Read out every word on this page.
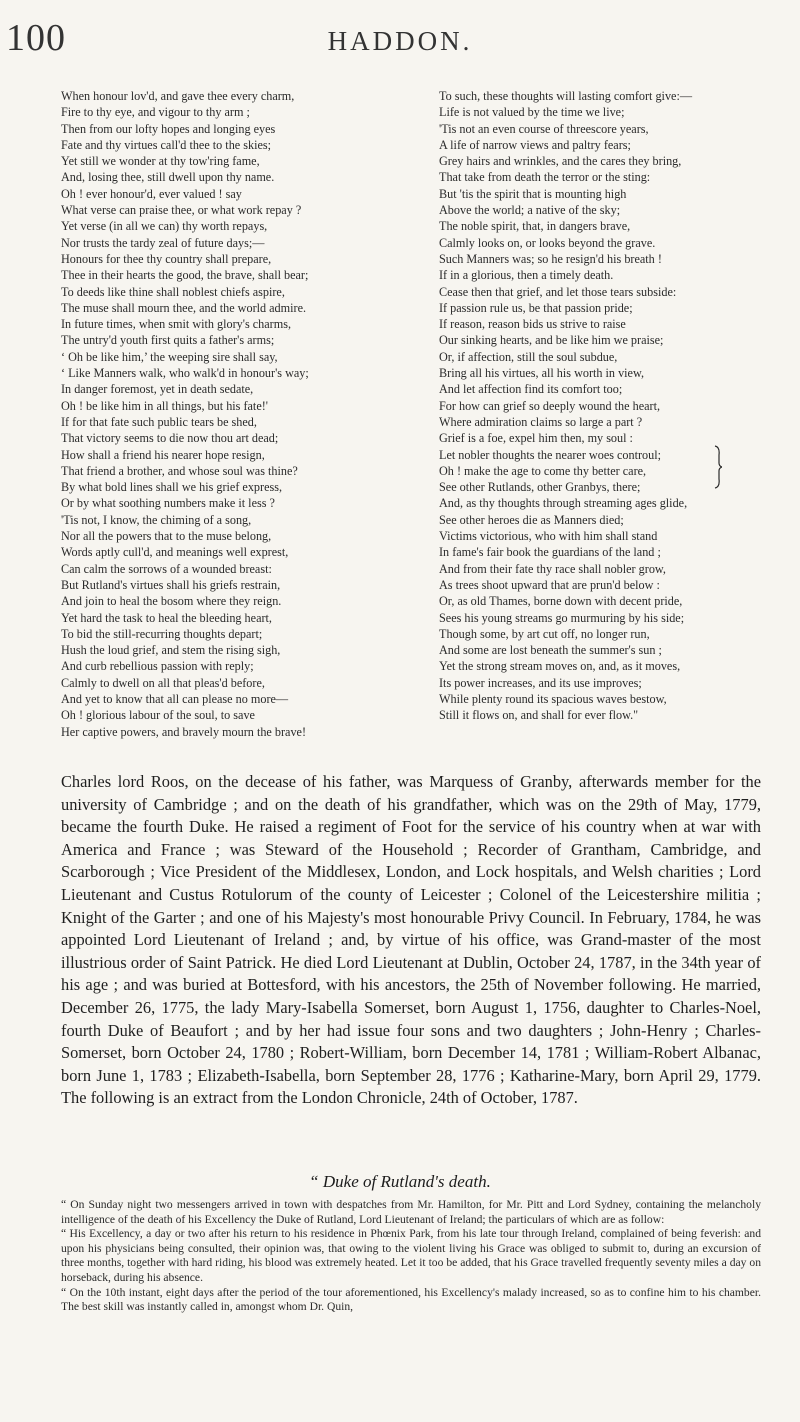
100	HADDON.
When honour lov'd, and gave thee every charm,
Fire to thy eye, and vigour to thy arm ;
Then from our lofty hopes and longing eyes
Fate and thy virtues call'd thee to the skies;
Yet still we wonder at thy tow'ring fame,
And, losing thee, still dwell upon thy name.
Oh ! ever honour'd, ever valued ! say
What verse can praise thee, or what work repay ?
Yet verse (in all we can) thy worth repays,
Nor trusts the tardy zeal of future days;—
Honours for thee thy country shall prepare,
Thee in their hearts the good, the brave, shall bear;
To deeds like thine shall noblest chiefs aspire,
The muse shall mourn thee, and the world admire.
In future times, when smit with glory's charms,
The untry'd youth first quits a father's arms;
‘ Oh be like him,’ the weeping sire shall say,
‘ Like Manners walk, who walk'd in honour's way;
In danger foremost, yet in death sedate,
Oh ! be like him in all things, but his fate!'
If for that fate such public tears be shed,
That victory seems to die now thou art dead;
How shall a friend his nearer hope resign,
That friend a brother, and whose soul was thine?
By what bold lines shall we his grief express,
Or by what soothing numbers make it less ?
'Tis not, I know, the chiming of a song,
Nor all the powers that to the muse belong,
Words aptly cull'd, and meanings well exprest,
Can calm the sorrows of a wounded breast:
But Rutland's virtues shall his griefs restrain,
And join to heal the bosom where they reign.
Yet hard the task to heal the bleeding heart,
To bid the still-recurring thoughts depart;
Hush the loud grief, and stem the rising sigh,
And curb rebellious passion with reply;
Calmly to dwell on all that pleas'd before,
And yet to know that all can please no more—
Oh ! glorious labour of the soul, to save
Her captive powers, and bravely mourn the brave!
To such, these thoughts will lasting comfort give:—
Life is not valued by the time we live;
'Tis not an even course of threescore years,
A life of narrow views and paltry fears;
Grey hairs and wrinkles, and the cares they bring,
That take from death the terror or the sting:
But 'tis the spirit that is mounting high
Above the world; a native of the sky;
The noble spirit, that, in dangers brave,
Calmly looks on, or looks beyond the grave.
Such Manners was; so he resign'd his breath !
If in a glorious, then a timely death.
Cease then that grief, and let those tears subside:
If passion rule us, be that passion pride;
If reason, reason bids us strive to raise
Our sinking hearts, and be like him we praise;
Or, if affection, still the soul subdue,
Bring all his virtues, all his worth in view,
And let affection find its comfort too;
For how can grief so deeply wound the heart,
Where admiration claims so large a part ?
Grief is a foe, expel him then, my soul :
Let nobler thoughts the nearer woes controul;
Oh ! make the age to come thy better care,
See other Rutlands, other Granbys, there;
And, as thy thoughts through streaming ages glide,
See other heroes die as Manners died;
Victims victorious, who with him shall stand
In fame's fair book the guardians of the land ;
And from their fate thy race shall nobler grow,
As trees shoot upward that are prun'd below :
Or, as old Thames, borne down with decent pride,
Sees his young streams go murmuring by his side;
Though some, by art cut off, no longer run,
And some are lost beneath the summer's sun ;
Yet the strong stream moves on, and, as it moves,
Its power increases, and its use improves;
While plenty round its spacious waves bestow,
Still it flows on, and shall for ever flow."

Charles lord Roos, on the decease of his father, was Marquess of Granby, afterwards member for the university of Cambridge ; and on the death of his grandfather, which was on the 29th of May, 1779, became the fourth Duke. He raised a regiment of Foot for the service of his country when at war with America and France ; was Steward of the Household ; Recorder of Grantham, Cambridge, and Scarborough ; Vice President of the Middlesex, London, and Lock hospitals, and Welsh charities ; Lord Lieutenant and Custus Rotulorum of the county of Leicester ; Colonel of the Leicestershire militia ; Knight of the Garter ; and one of his Majesty's most honourable Privy Council. In February, 1784, he was appointed Lord Lieutenant of Ireland ; and, by virtue of his office, was Grand-master of the most illustrious order of Saint Patrick. He died Lord Lieutenant at Dublin, October 24, 1787, in the 34th year of his age ; and was buried at Bottesford, with his ancestors, the 25th of November following. He married, December 26, 1775, the lady Mary-Isabella Somerset, born August 1, 1756, daughter to Charles-Noel, fourth Duke of Beaufort ; and by her had issue four sons and two daughters ; John-Henry ; Charles-Somerset, born October 24, 1780 ; Robert-William, born December 14, 1781 ; William-Robert Albanac, born June 1, 1783 ; Elizabeth-Isabella, born September 28, 1776 ; Katharine-Mary, born April 29, 1779. The following is an extract from the London Chronicle, 24th of October, 1787.

“ Duke of Rutland's death.

“ On Sunday night two messengers arrived in town with despatches from Mr. Hamilton, for Mr. Pitt and Lord Sydney, containing the melancholy intelligence of the death of his Excellency the Duke of Rutland, Lord Lieutenant of Ireland; the particulars of which are as follow:

“ His Excellency, a day or two after his return to his residence in Phœnix Park, from his late tour through Ireland, complained of being feverish: and upon his physicians being consulted, their opinion was, that owing to the violent living his Grace was obliged to submit to, during an excursion of three months, together with hard riding, his blood was extremely heated. Let it too be added, that his Grace travelled frequently seventy miles a day on horseback, during his absence.

“ On the 10th instant, eight days after the period of the tour aforementioned, his Excellency's malady increased, so as to confine him to his chamber. The best skill was instantly called in, amongst whom Dr. Quin,
